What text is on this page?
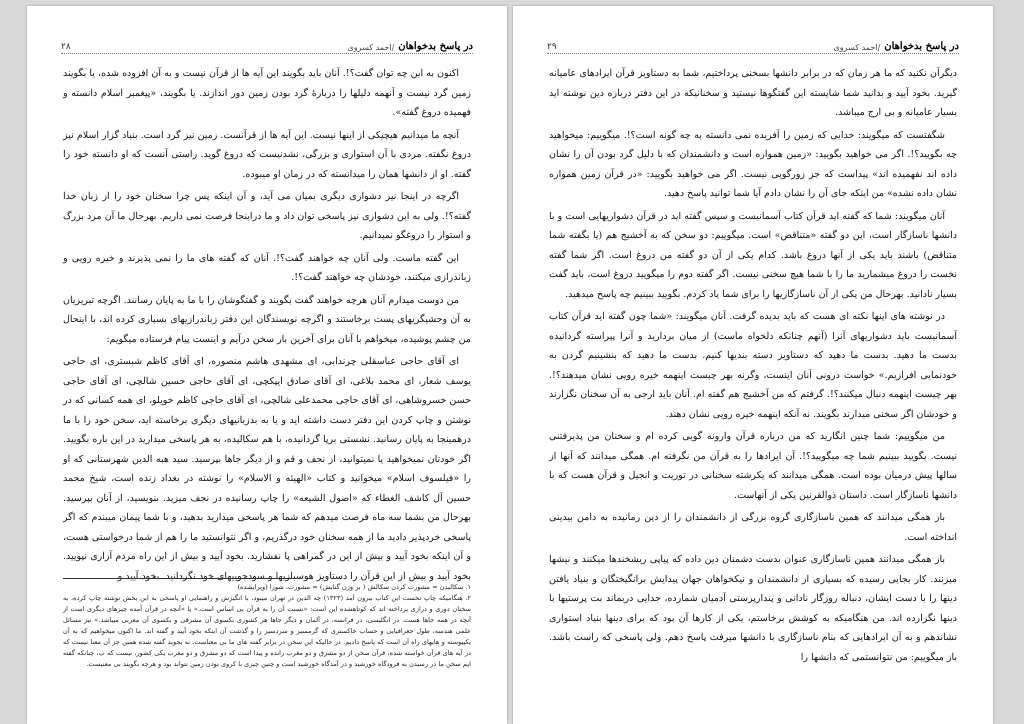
در پاسخ بدخواهان
/احمد کسروی
۲۸

اکنون به این چه توان گفت؟!. آنان باید بگویند این آیه ها از قرآن نیست و به آن افزوده شده، یا بگویند زمین گرد نیست و آنهمه دلیلها را دربارهٔ گرد بودن زمین دور اندازند. یا بگویند، «پیغمبر اسلام دانسته و فهمیده دروغ گفته».

آنچه ما میدانیم هیچیکی از اینها نیست. این آیه ها از قرآنست. زمین نیز گرد است. بنیاد گزار اسلام نیز دروغ نگفته. مردی با آن استواری و بزرگی، نشدنیست که دروغ گوید. راستی آنست که او دانسته خود را گفته. او از دانشها همان را میدانسته که در زمان او میبوده.

اگرچه در اینجا نیز دشواری دیگری بمیان می آید، و آن اینکه پس چرا سخنان خود را از زبان خدا گفته؟!. ولی به این دشواری نیز پاسخی توان داد و ما دراینجا فرصت نمی داریم. بهرحال ما آن مرد بزرگ و استوار را دروغگو نمیدانیم.

این گفته ماست. ولی آنان چه خواهند گفت؟!. آنان که گفته های ما را نمی پذیرند و خیره رویی و زباندرازی میکنند، خودشان چه خواهند گفت؟!.

من دوست میدارم آنان هرچه خواهند گفت بگویند و گفتگوشان را با ما به پایان رسانند. اگرچه تبریزیان به آن وحشیگریهای پست برخاستند و اگرچه نویسندگان این دفتر زباندرازیهای بسیاری کرده اند، با اینحال من چشم پوشیده، میخواهم با آنان برای آخرین بار سخن درآیم و اینست پیام فرستاده میگویم:

ای آقای حاجی عباسقلی چرندابی، ای مشهدی هاشم منصوره، ای آقای کاظم شبستری، ای حاجی یوسف شعار، ای محمد بلاغی، ای آقای صادق ایپکچی، ای آقای حاجی حسین شالچی، ای آقای حاجی حسن خسروشاهی، ای آقای حاجی محمدعلی شالچی، ای آقای حاجی کاظم خویلو، ای همه کسانی که در نوشتن و چاپ کردن این دفتر دست داشته اید و یا به بدزبانیهای دیگری برخاسته اید، سخن خود را با ما درهمینجا به پایان رسانید. نشستی برپا گردانیده، با هم سکالیده، به هر پاسخی میدارید در این باره بگویید. اگر خودتان نمیخواهید یا نمیتوانید، از نجف و قم و از دیگر جاها بپرسید. سید هبه الدین شهرستانی که او را «فیلسوف اسلام» میخوانید و کتاب «الهیئه و الاسلام» را نوشته در بغداد زنده است، شیخ محمد حسین آل کاشف الغطاء که «اصول الشیعه» را چاپ رسانیده در نجف میزید. بنویسید، از آنان بپرسید. بهرحال من بشما سه ماه فرصت میدهم که شما هر پاسخی میدارید بدهید، و با شما پیمان میبندم که اگر پاسخی خردپذیر دادید ما از همه سخنان خود درگذریم، و اگر نتوانستید ما را هم از شما درخواستی هست، و آن اینکه بخود آیید و بیش از این در گمراهی پا نفشارید. بخود آیید و بیش از این راه مردم آزاری نپویید. بخود آیید و بیش از این قرآن را دستاویز هوسبازیها و سودجوییهای خود نگردانید. بخود آیید و

۱. سکالیدن = مشورت کردن سکالش ( بر وزن گنابش) = مشورت، شورا (ویرایشده)

۲. هنگامیکه چاپ نخست این کتاب بیرون آمد (۱۳۲۳) چه الدین در تهران میبود، با انگیزش و راهنمایی او پاسخی به این بخش نوشته چاپ کرده، به سخنان دوری و درازی پرداخته اند که کوتاهشده این است: «نسبت آن را به قرآن بی اساس است.» یا «آنچه در قرآن آمده چیزهای دیگری است از آنچه در همه جاها هست. در انگلیسی، در فرانسه، در آلمان و دیگر جاها هر کشوری بکسوی آن مشرقی و بکسوی آن مغربی میباشد.» نیز مسائل علمی هندسه، طول جغرافیایی و حساب خاکستری که گرمسیر و سردسیر را و گذشت آن اینکه بخود آیید و گفته اند. ما اکنون میخواهیم که به آن یکپیوسته و هایهای راه آن است که پاسخ دادیم. در حالیکه این سخن در برابر گفته های ما بی معناست. نه بجوید گفته شده همین جز آن معنا نیست که در آیه های قرآن خواسته شده، قرآن سخن از دو مشرق و دو مغرب رانده و پیدا است که دو مشرق و دو مغرب یکی کشور، نیست که ب، چنانکه گفته ایم سخن ما در رسیدن به فرودگاه خورشید و در آمدگاه خورشید است و چنین چیزی با کروی بودن زمین نتواند بود و هرچه بگویند بی معنیست.

در پاسخ بدخواهان
/احمد کسروی
۲۹

دیگرآن نکنید که ما هر زمان که در برابر دانشها بسخنی پرداختیم، شما به دستاویز قرآن ایرادهای عامیانه گیرید. بخود آیید و بدانید شما شایسته این گفتگوها نیستید و سخنانیکه در این دفتر درباره دین نوشته اید بسیار عامیانه و بی ارج میباشد.

شگفتست که میگویند: خدایی که زمین را آفریده نمی دانسته به چه گونه است؟!. میگوییم: میخواهید چه بگویید؟!. اگر می خواهید بگویید: «زمین همواره است و دانشمندان که با دلیل گرد بودن آن را نشان داده اند نفهمیده اند» پیداست که جز زورگویی نیست. اگر می خواهید بگویید: «در قرآن زمین همواره نشان داده نشده» من اینکه جای آن را نشان دادم آیا شما توانید پاسخ دهید.

آنان میگویند: شما که گفته اید قرآن کتاب آسمانیست و سپس گفته اید در قرآن دشواریهایی است و با دانشها ناسازگار است، این دو گفته «متناقض» است. میگوییم: دو سخن که به آخشیج هم (یا بگفته شما متناقض) باشند باید یکی از آنها دروغ باشد. کدام یکی از آن دو گفته من دروغ است. اگر شما گفته نخست را دروغ میشمارید ما را با شما هیچ سخنی نیست. اگر گفته دوم را میگویید دروغ است، باید گفت بسیار نادانید. بهرحال من یکی از آن ناسازگاریها را برای شما یاد کردم. بگویید ببینیم چه پاسخ میدهید.

در نوشته های اینها نکته ای هست که باید بدیده گرفت. آنان میگویند: «شما چون گفته اید قرآن کتاب آسمانیست باید دشواریهای آنرا (آنهم چنانکه دلخواه ماست) از میان بردارید و آنرا پیراسته گردانیده بدست ما دهید. بدست ما دهید که دستاویز دسته بندیها کنیم. بدست ما دهید که بنشینیم گردن به خودنمایی افرازیم.» خواست درونی آنان اینست، وگرنه بهر چیست اینهمه خیره رویی نشان میدهند؟!. بهر چیست اینهمه دنبال میکنند؟!. گرفتم که من آخشیج هم گفته ام. آنان باید ارجی به آن سخنان نگزارند و خودشان اگر سخنی میدارند بگویند. نه آنکه اینهمه خیره رویی نشان دهند.

من میگوییم: شما چنین انگارید که من درباره قرآن وارونه گویی کرده ام و سخنان من پذیرفتنی نیست. بگویید ببینیم شما چه میگویید؟!. آن ایرادها را به قرآن من نگرفته ام. همگی میدانند که آنها از سالها پیش درمیان بوده است. همگی میدانند که یکرشته سخنانی در توریت و انجیل و قرآن هست که با دانشها ناسازگار است. داستان ذوالقرنین یکی از آنهاست.

باز همگی میدانند که همین ناسازگاری گروه بزرگی از دانشمندان را از دین رمانیده به دامن بیدینی انداخته است.

باز همگی میدانند همین ناسازگاری عنوان بدست دشمنان دین داده که پیاپی ریشخندها میکنند و نیشها میزنند. کار بجایی رسیده که بسیاری از دانشمندان و نیکخواهان جهان پیدایش برانگیختگان و بنیاد یافتن دینها را با دست ایشان، دنباله روزگار نادانی و پندارپرستی آدمیان شمارده، جدایی دربماند بت پرستیها با دینها نگزارده اند. من هنگامیکه به کوشش برخاستم، یکی از کارها آن بود که برای دینها بنیاد استواری نشاندهم و به آن ایرادهایی که بنام ناسازگاری با دانشها میرفت پاسخ دهم. ولی پاسخی که راست باشد. باز میگوییم: من نتوانستمی که دانشها را
